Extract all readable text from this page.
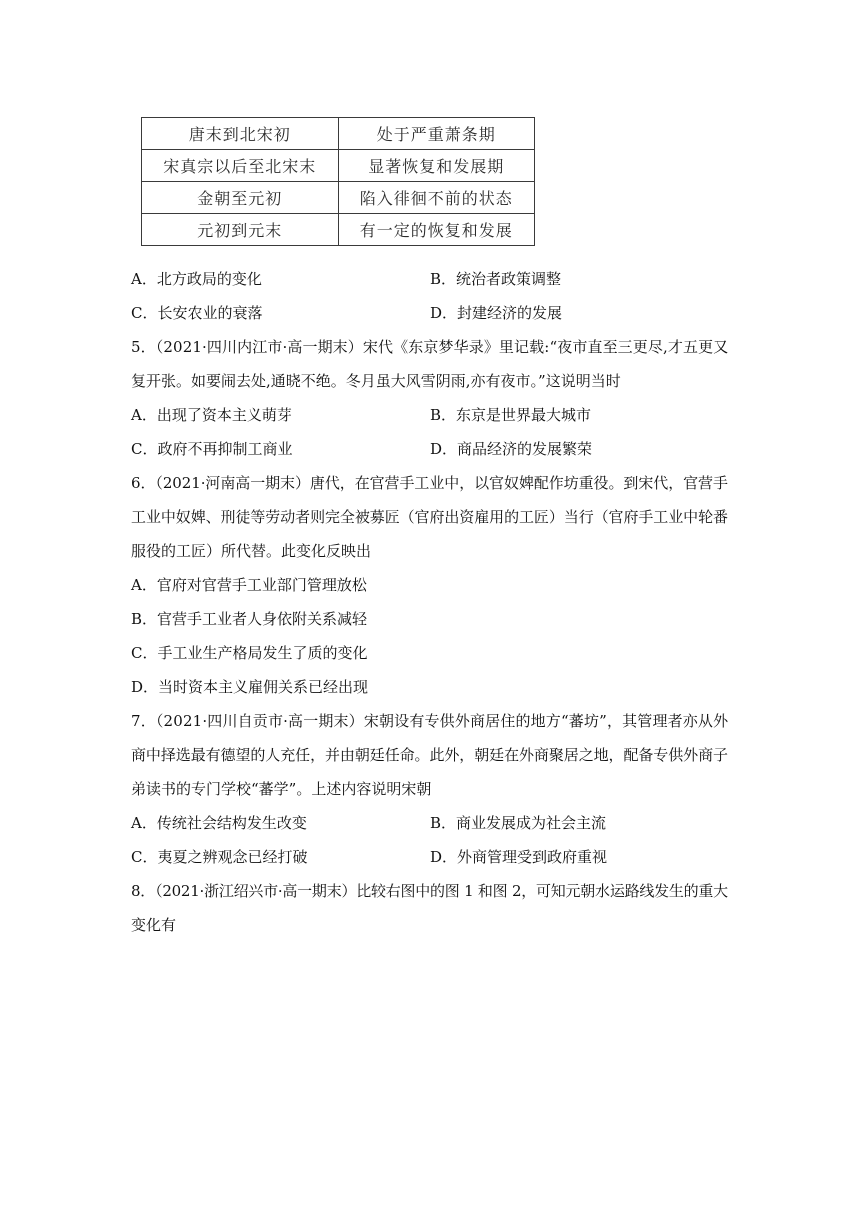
唐末到北宋初	处于严重萧条期
宋真宗以后至北宋末	显著恢复和发展期
金朝至元初	陷入徘徊不前的状态
元初到元末	有一定的恢复和发展
A．北方政局的变化	B．统治者政策调整
C．长安农业的衰落	D．封建经济的发展
5．（2021·四川内江市·高一期末）宋代《东京梦华录》里记载:“夜市直至三更尽,才五更又
复开张。如要闹去处,通晓不绝。冬月虽大风雪阴雨,亦有夜市。”这说明当时
A．出现了资本主义萌芽	B．东京是世界最大城市
C．政府不再抑制工商业	D．商品经济的发展繁荣
6．（2021·河南高一期末）唐代，在官营手工业中，以官奴婢配作坊重役。到宋代，官营手
工业中奴婢、刑徒等劳动者则完全被募匠（官府出资雇用的工匠）当行（官府手工业中轮番
服役的工匠）所代替。此变化反映出
A．官府对官营手工业部门管理放松
B．官营手工业者人身依附关系减轻
C．手工业生产格局发生了质的变化
D．当时资本主义雇佣关系已经出现
7．（2021·四川自贡市·高一期末）宋朝设有专供外商居住的地方“蕃坊”，其管理者亦从外
商中择选最有德望的人充任，并由朝廷任命。此外，朝廷在外商聚居之地，配备专供外商子
弟读书的专门学校“蕃学”。上述内容说明宋朝
A．传统社会结构发生改变	B．商业发展成为社会主流
C．夷夏之辨观念已经打破	D．外商管理受到政府重视
8．（2021·浙江绍兴市·高一期末）比较右图中的图 1 和图 2，可知元朝水运路线发生的重大
变化有
